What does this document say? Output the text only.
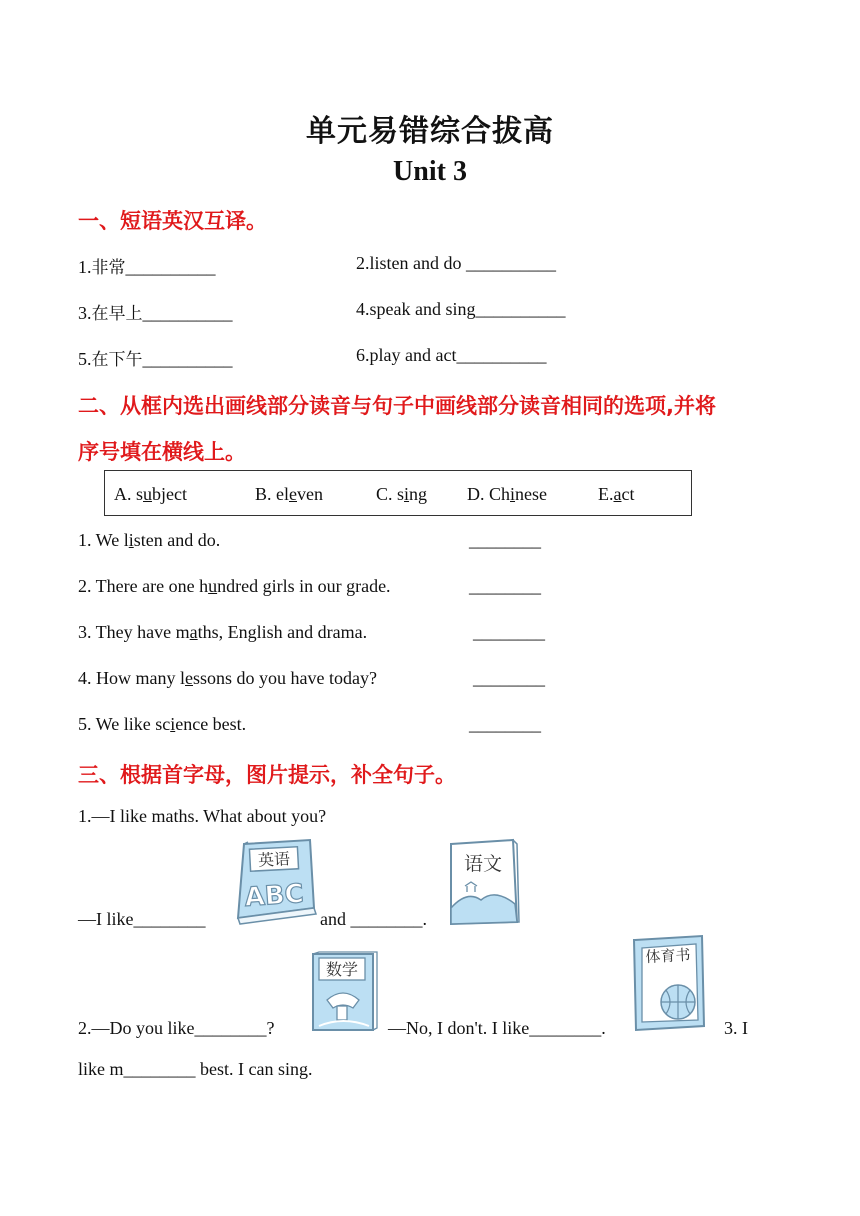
单元易错综合拔高
Unit 3
一、短语英汉互译。
1.非常__________	2.listen and do __________
3.在早上__________	4.speak and sing__________
5.在下午__________	6.play and act__________
二、从框内选出画线部分读音与句子中画线部分读音相同的选项,并将
序号填在横线上。
A. subject	B. eleven	C. sing D. Chinese	E.act
1. We listen and do.	________
2. There are one hundred girls in our grade.	________
3. They have maths, English and drama.	________
4. How many lessons do you have today?	________
5. We like science best.	________
三、根据首字母，图片提示，补全句子。
1.—I like maths. What about you?
—I like________	and ________.
英语
ABC
语文
2.—Do you like________?
数学
—No, I don't. I like________.
体育书
3. I
like m________ best. I can sing.
